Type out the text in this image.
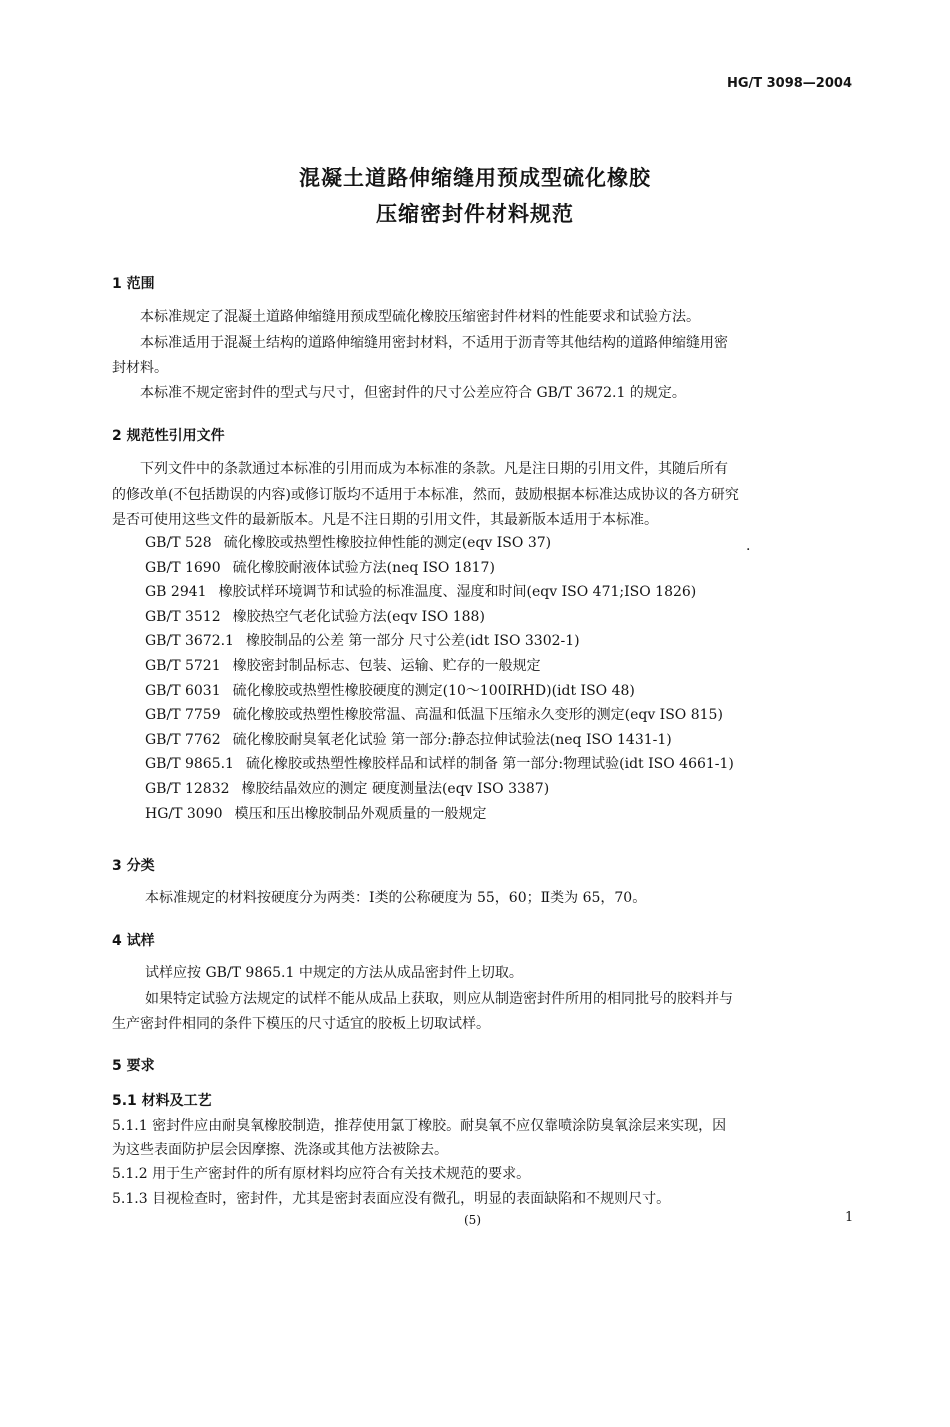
HG/T 3098—2004
混凝土道路伸缩缝用预成型硫化橡胶
压缩密封件材料规范
1 范围
本标准规定了混凝土道路伸缩缝用预成型硫化橡胶压缩密封件材料的性能要求和试验方法。
本标准适用于混凝土结构的道路伸缩缝用密封材料，不适用于沥青等其他结构的道路伸缩缝用密
封材料。
本标准不规定密封件的型式与尺寸，但密封件的尺寸公差应符合 GB/T 3672.1 的规定。
2 规范性引用文件
下列文件中的条款通过本标准的引用而成为本标准的条款。凡是注日期的引用文件，其随后所有
的修改单(不包括勘误的内容)或修订版均不适用于本标准，然而，鼓励根据本标准达成协议的各方研究
是否可使用这些文件的最新版本。凡是不注日期的引用文件，其最新版本适用于本标准。
·
GB/T 528 硫化橡胶或热塑性橡胶拉伸性能的测定(eqv ISO 37)
GB/T 1690 硫化橡胶耐液体试验方法(neq ISO 1817)
GB 2941 橡胶试样环境调节和试验的标准温度、湿度和时间(eqv ISO 471;ISO 1826)
GB/T 3512 橡胶热空气老化试验方法(eqv ISO 188)
GB/T 3672.1 橡胶制品的公差 第一部分 尺寸公差(idt ISO 3302-1)
GB/T 5721 橡胶密封制品标志、包装、运输、贮存的一般规定
GB/T 6031 硫化橡胶或热塑性橡胶硬度的测定(10～100IRHD)(idt ISO 48)
GB/T 7759 硫化橡胶或热塑性橡胶常温、高温和低温下压缩永久变形的测定(eqv ISO 815)
GB/T 7762 硫化橡胶耐臭氧老化试验 第一部分:静态拉伸试验法(neq ISO 1431-1)
GB/T 9865.1 硫化橡胶或热塑性橡胶样品和试样的制备 第一部分:物理试验(idt ISO 4661-1)
GB/T 12832 橡胶结晶效应的测定 硬度测量法(eqv ISO 3387)
HG/T 3090 模压和压出橡胶制品外观质量的一般规定
3 分类
本标准规定的材料按硬度分为两类：Ⅰ类的公称硬度为 55，60；Ⅱ类为 65，70。
4 试样
试样应按 GB/T 9865.1 中规定的方法从成品密封件上切取。
如果特定试验方法规定的试样不能从成品上获取，则应从制造密封件所用的相同批号的胶料并与
生产密封件相同的条件下模压的尺寸适宜的胶板上切取试样。
5 要求
5.1 材料及工艺
5.1.1 密封件应由耐臭氧橡胶制造，推荐使用氯丁橡胶。耐臭氧不应仅靠喷涂防臭氧涂层来实现，因
为这些表面防护层会因摩擦、洗涤或其他方法被除去。
5.1.2 用于生产密封件的所有原材料均应符合有关技术规范的要求。
5.1.3 目视检查时，密封件，尤其是密封表面应没有微孔，明显的表面缺陷和不规则尺寸。
(5)	1
